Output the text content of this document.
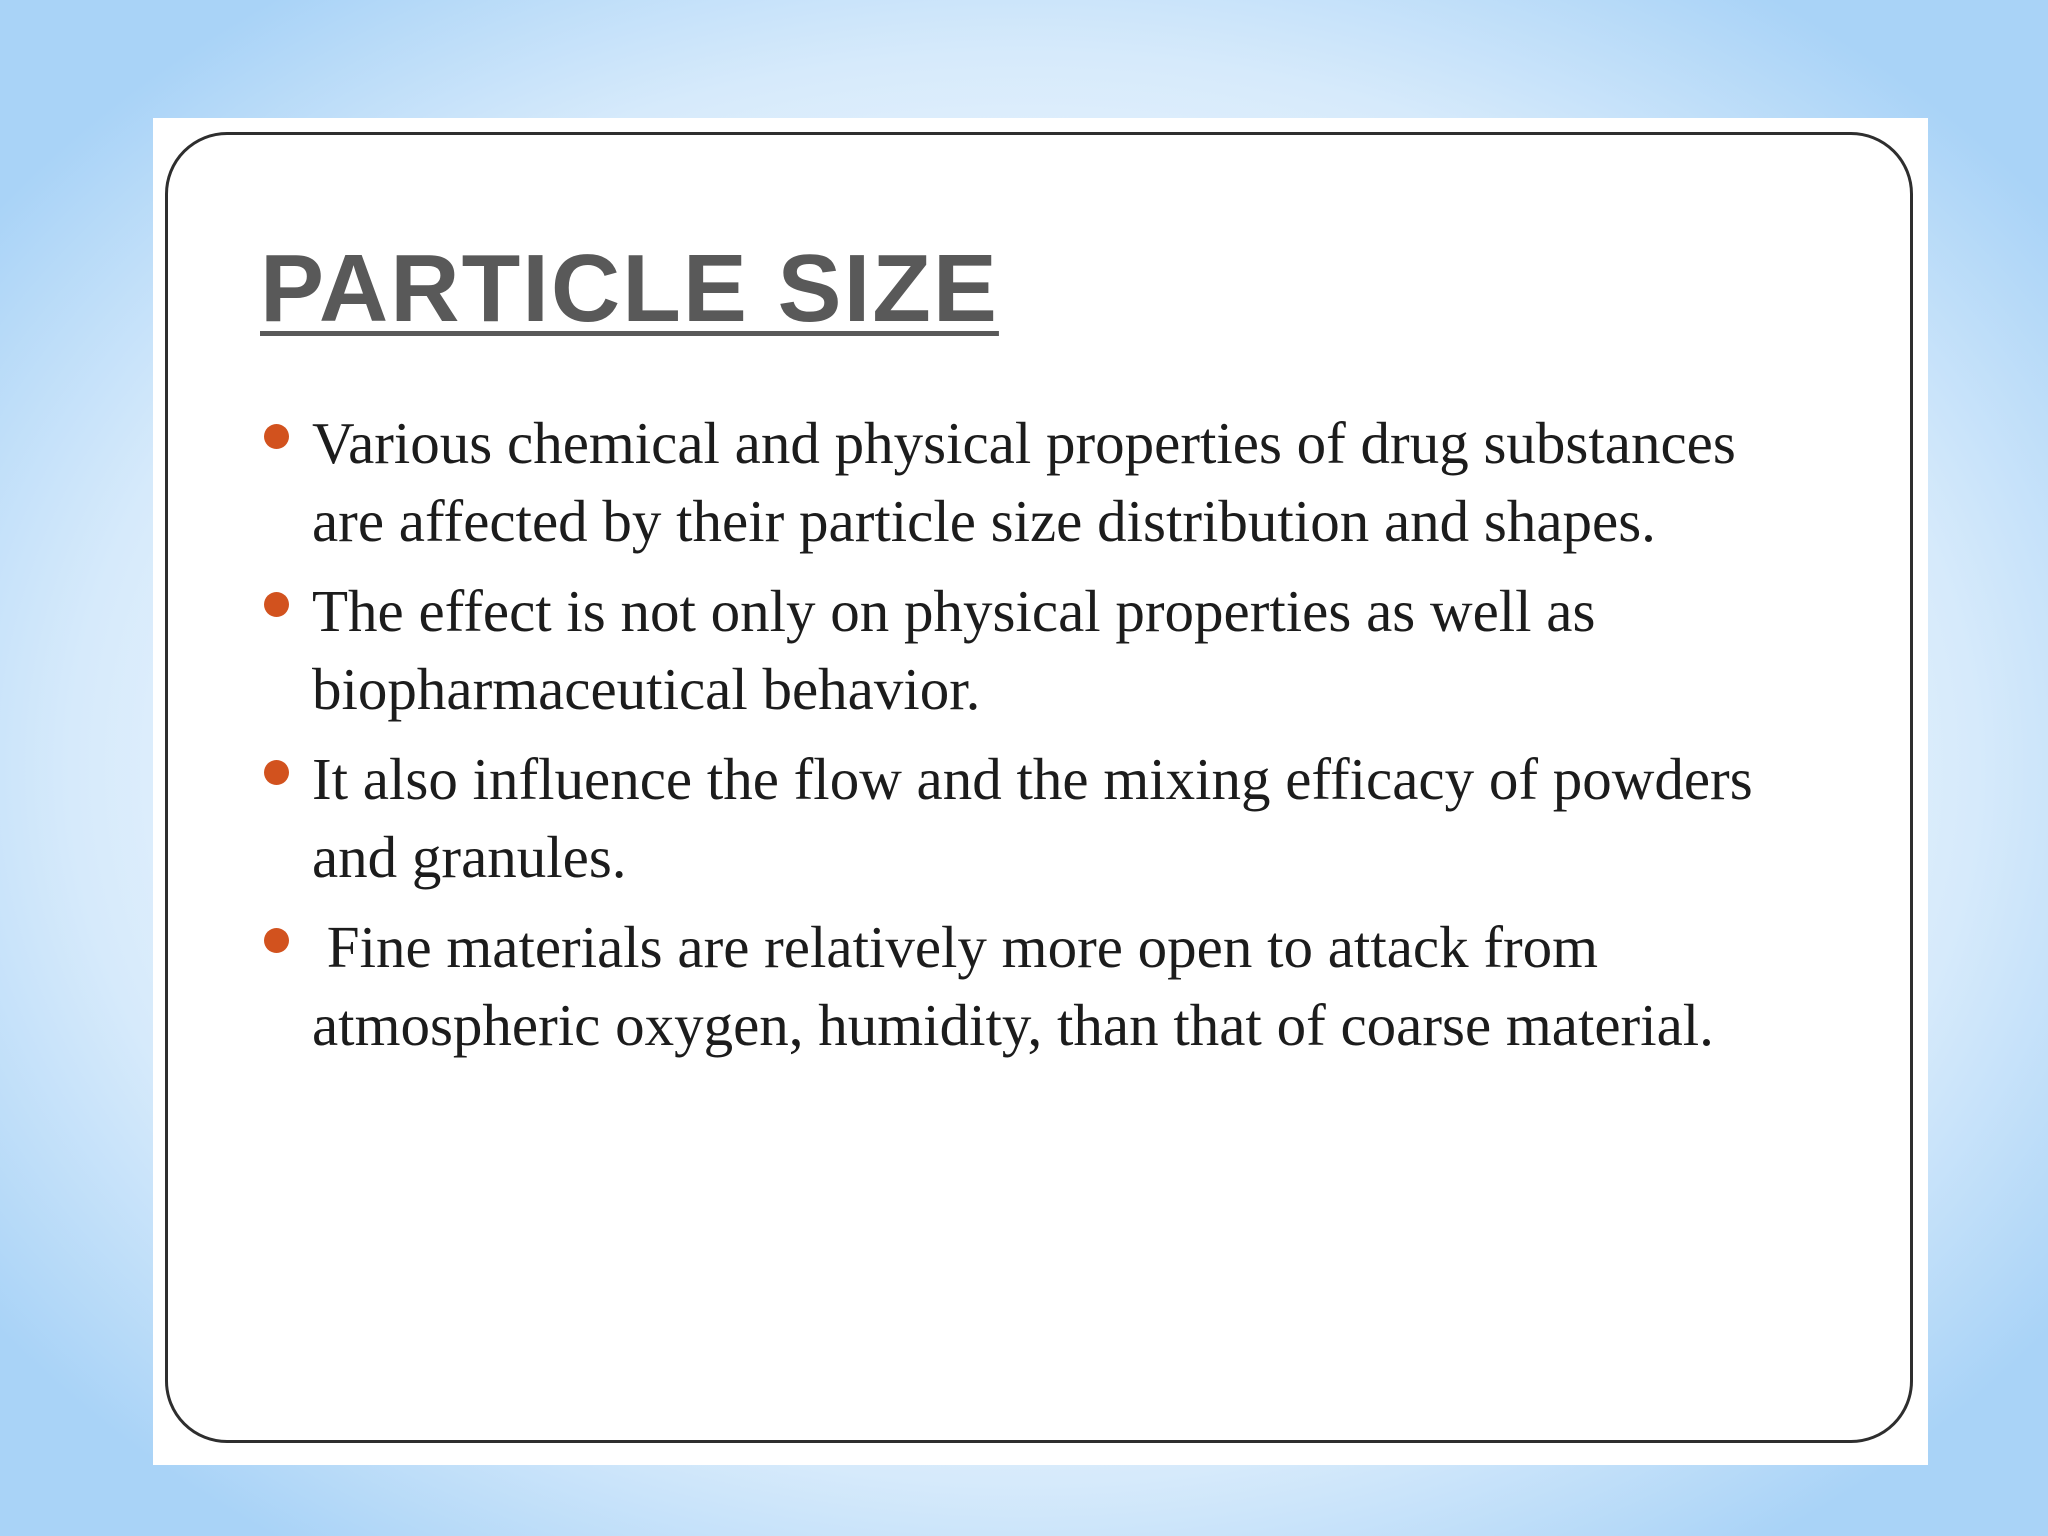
PARTICLE SIZE
Various chemical and physical properties of drug substances are affected by their particle size distribution and shapes.
The effect is not only on physical properties as well as biopharmaceutical behavior.
It also influence the flow and the mixing efficacy of powders and granules.
Fine materials are relatively more open to attack from atmospheric oxygen, humidity, than that of coarse material.
